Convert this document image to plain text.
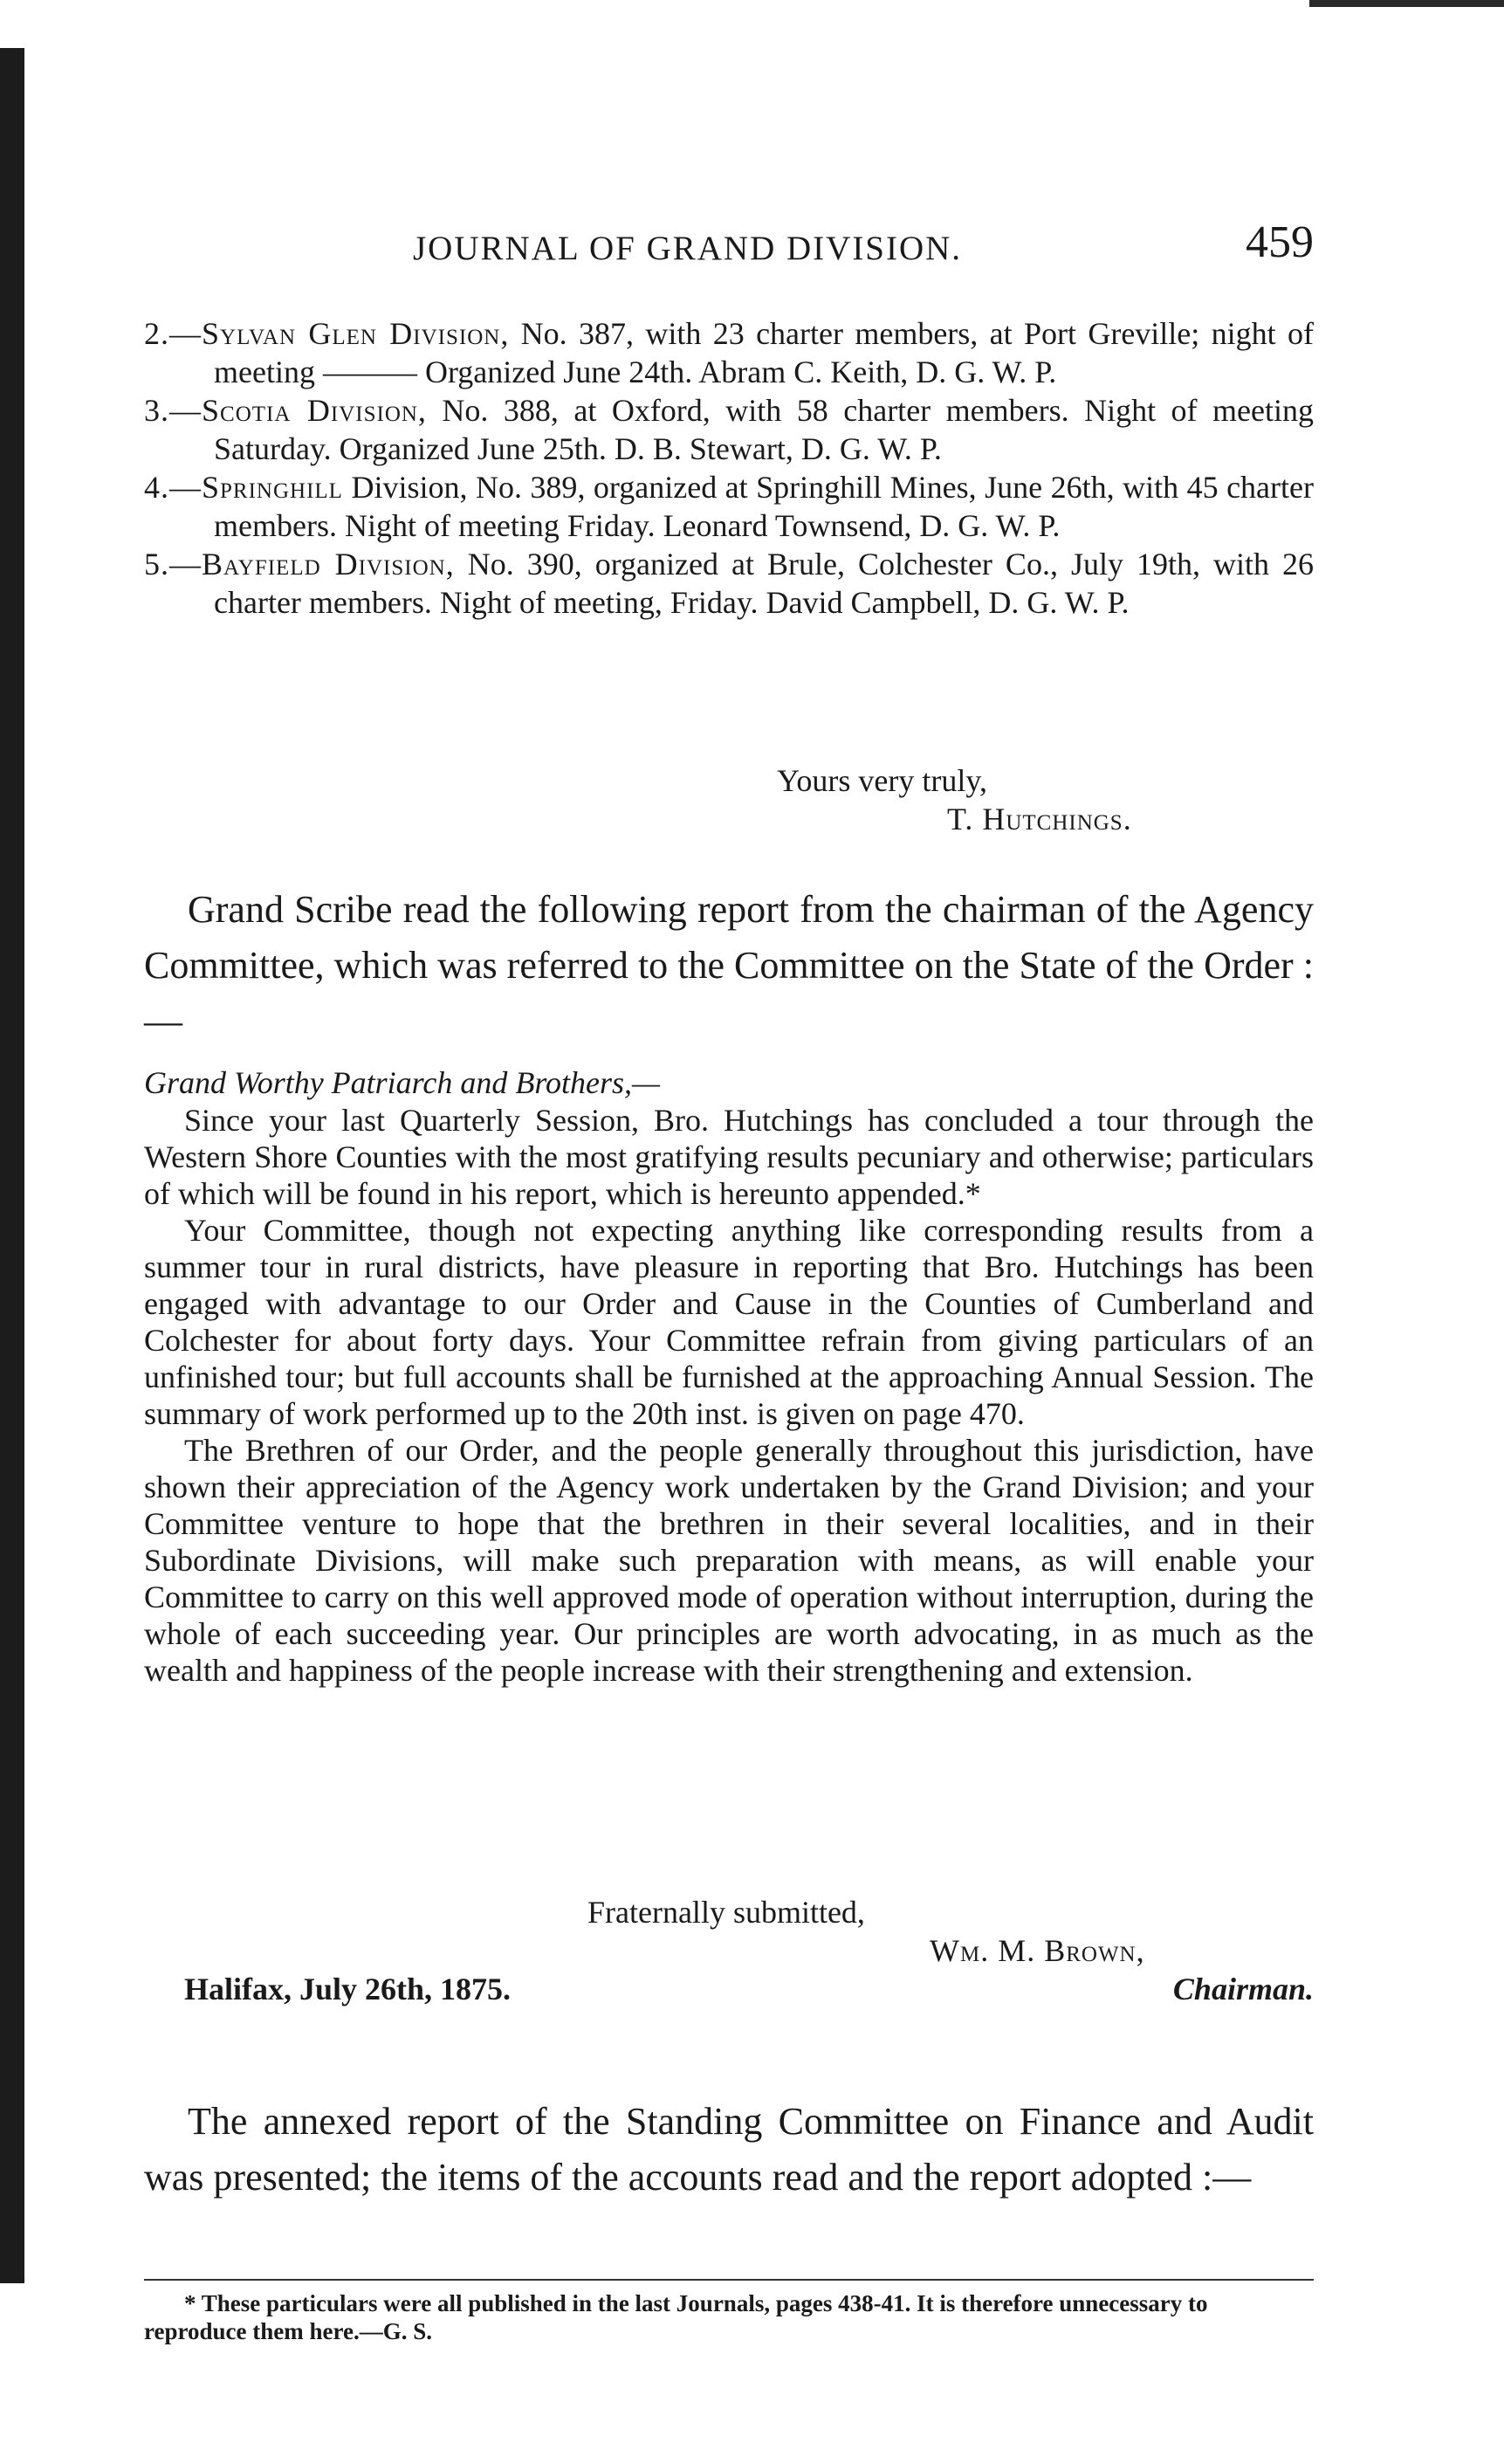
JOURNAL OF GRAND DIVISION.	459

2.—Sylvan Glen Division, No. 387, with 23 charter members, at Port Greville; night of meeting ——— Organized June 24th. Abram C. Keith, D. G. W. P.

3.—Scotia Division, No. 388, at Oxford, with 58 charter members. Night of meeting Saturday. Organized June 25th. D. B. Stewart, D. G. W. P.

4.—Springhill Division, No. 389, organized at Springhill Mines, June 26th, with 45 charter members. Night of meeting Friday. Leonard Townsend, D. G. W. P.

5.—Bayfield Division, No. 390, organized at Brule, Colchester Co., July 19th, with 26 charter members. Night of meeting, Friday. David Campbell, D. G. W. P.

Yours very truly,

T. Hutchings.

Grand Scribe read the following report from the chairman of the Agency Committee, which was referred to the Committee on the State of the Order :—

Grand Worthy Patriarch and Brothers,—

Since your last Quarterly Session, Bro. Hutchings has concluded a tour through the Western Shore Counties with the most gratifying results pecuniary and otherwise; particulars of which will be found in his report, which is hereunto appended.*

Your Committee, though not expecting anything like corresponding results from a summer tour in rural districts, have pleasure in reporting that Bro. Hutchings has been engaged with advantage to our Order and Cause in the Counties of Cumberland and Colchester for about forty days. Your Committee refrain from giving particulars of an unfinished tour; but full accounts shall be furnished at the approaching Annual Session. The summary of work performed up to the 20th inst. is given on page 470.

The Brethren of our Order, and the people generally throughout this jurisdiction, have shown their appreciation of the Agency work undertaken by the Grand Division; and your Committee venture to hope that the brethren in their several localities, and in their Subordinate Divisions, will make such preparation with means, as will enable your Committee to carry on this well approved mode of operation without interruption, during the whole of each succeeding year. Our principles are worth advocating, in as much as the wealth and happiness of the people increase with their strengthening and extension.

Fraternally submitted,

Wm. M. Brown,

Halifax, July 26th, 1875.	Chairman.

The annexed report of the Standing Committee on Finance and Audit was presented; the items of the accounts read and the report adopted :—

* These particulars were all published in the last Journals, pages 438-41. It is therefore unnecessary to reproduce them here.—G. S.
